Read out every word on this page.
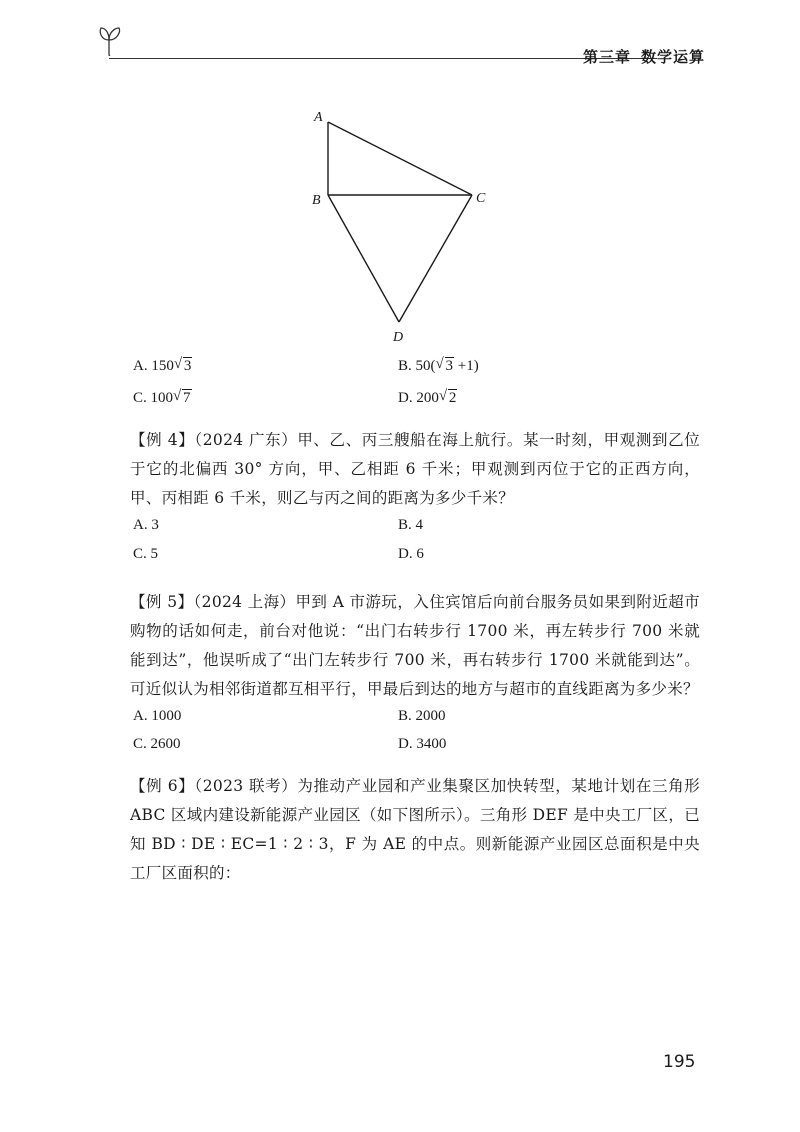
第三章 数学运算
A
B	C
D
A. 150 √ 3	B. 50( √ 3 +1)
C. 100 √ 7	D. 200 √ 2
【例 4】（2024 广东）甲、乙、丙三艘船在海上航行。某一时刻，甲观测到乙位于它的北偏西 30° 方向，甲、乙相距 6 千米；甲观测到丙位于它的正西方向，甲、丙相距 6 千米，则乙与丙之间的距离为多少千米？
A. 3	B. 4
C. 5	D. 6
【例 5】（2024 上海）甲到 A 市游玩，入住宾馆后向前台服务员如果到附近超市购物的话如何走，前台对他说：“出门右转步行 1700 米，再左转步行 700 米就能到达”，他误听成了“出门左转步行 700 米，再右转步行 1700 米就能到达”。可近似认为相邻街道都互相平行，甲最后到达的地方与超市的直线距离为多少米？
A. 1000	B. 2000
C. 2600	D. 3400
【例 6】（2023 联考）为推动产业园和产业集聚区加快转型，某地计划在三角形 ABC 区域内建设新能源产业园区（如下图所示）。三角形 DEF 是中央工厂区，已知 BD ∶ DE ∶ EC=1 ∶ 2 ∶ 3，F 为 AE 的中点。则新能源产业园区总面积是中央工厂区面积的：
195
